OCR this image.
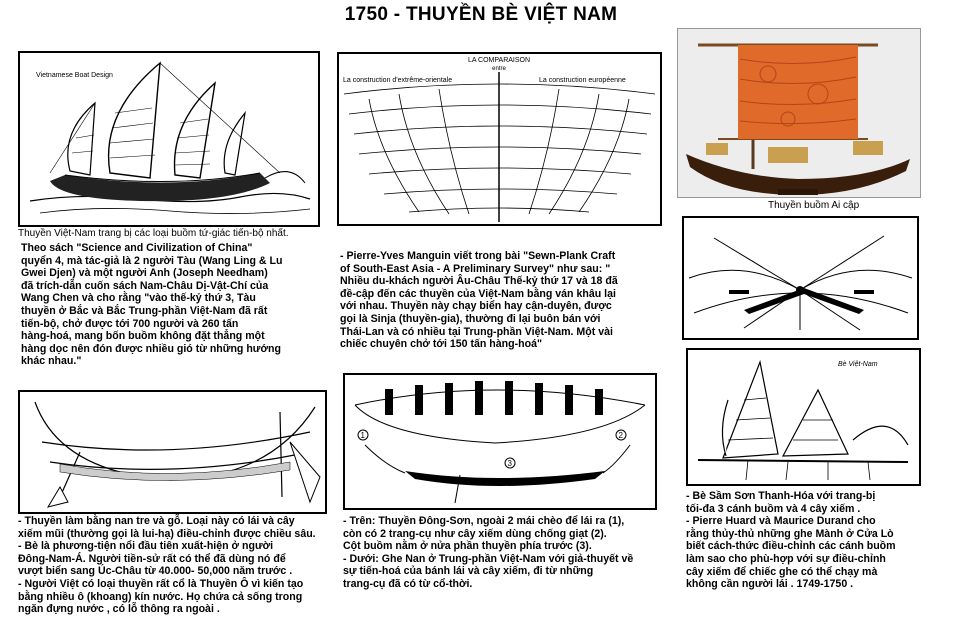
1750 - THUYỀN BÈ VIỆT NAM
Vietnamese Boat Design
Thuyền Việt-Nam trang bị các loại buồm tứ-giác tiến-bộ nhất.
LA COMPARAISON
entre
La construction d'extrême-orientale	La construction européenne
Thuyền buồm Ai cập
Bè Việt-Nam
1	2
3
Theo sách "Science and Civilization of China"
quyển 4, mà tác-giả là 2 người Tàu (Wang Ling & Lu
Gwei Djen) và một người Anh (Joseph Needham)
đã trích-dẫn cuốn sách Nam-Châu Dị-Vật-Chí của
Wang Chen và cho rằng "vào thế-kỷ thứ 3, Tàu
thuyền ở Bắc và Bắc Trung-phần Việt-Nam đã rất
tiến-bộ, chở được tới 700 người và 260 tấn
hàng-hoá, mang bốn buồm không đặt thẳng một
hàng dọc nên đón được nhiều gió từ những hướng
khác nhau."
- Pierre-Yves Manguin viết trong bài "Sewn-Plank Craft
of South-East Asia - A Preliminary Survey" như sau: "
Nhiều du-khách người Âu-Châu Thế-kỷ thứ 17 và 18 đã
đề-cập đến các thuyền của Việt-Nam bằng ván khâu lại
với nhau. Thuyền này chạy biển hay cận-duyên, được
gọi là Sinja (thuyền-gia), thường đi lại buôn bán với
Thái-Lan và có nhiều tại Trung-phần Việt-Nam. Một vài
chiếc chuyên chở tới 150 tấn hàng-hoá"
- Thuyền làm bằng nan tre và gỗ. Loại này có lái và cây
xiếm mũi (thường gọi là lui-hạ) điều-chỉnh được chiều sâu.
- Bè là phương-tiện nổi đầu tiên xuất-hiện ở người
Đông-Nam-Á. Người tiền-sử rất có thể đã dùng nó để
vượt biển sang Úc-Châu từ 40.000- 50,000 năm trước .
- Người Việt có loại thuyền rất cổ là Thuyền Ô vì kiến tạo
bằng nhiều ô (khoang) kín nước. Họ chứa cả sống trong
ngăn đựng nước , có lỗ thông ra ngoài .
- Trên: Thuyền Đông-Sơn, ngoài 2 mái chèo để lái ra (1),
còn có 2 trang-cụ như cây xiếm dùng chống giạt (2).
Cột buồm nằm ở nửa phần thuyền phía trước (3).
- Dưới: Ghe Nan ở Trung-phần Việt-Nam với giả-thuyết về
sự tiến-hoá của bánh lái và cây xiếm, đi từ những
trang-cụ đã có từ cổ-thời.
- Bè Sầm Sơn Thanh-Hóa với trang-bị
tối-đa 3 cánh buồm và 4 cây xiếm .
- Pierre Huard và Maurice Durand cho
rằng thủy-thủ những ghe Mành ở Cửa Lò
biết cách-thức điều-chỉnh các cánh buồm
làm sao cho phù-hợp với sự điều-chỉnh
cây xiếm để chiếc ghe có thể chạy mà
không cần người lái . 1749-1750 .
